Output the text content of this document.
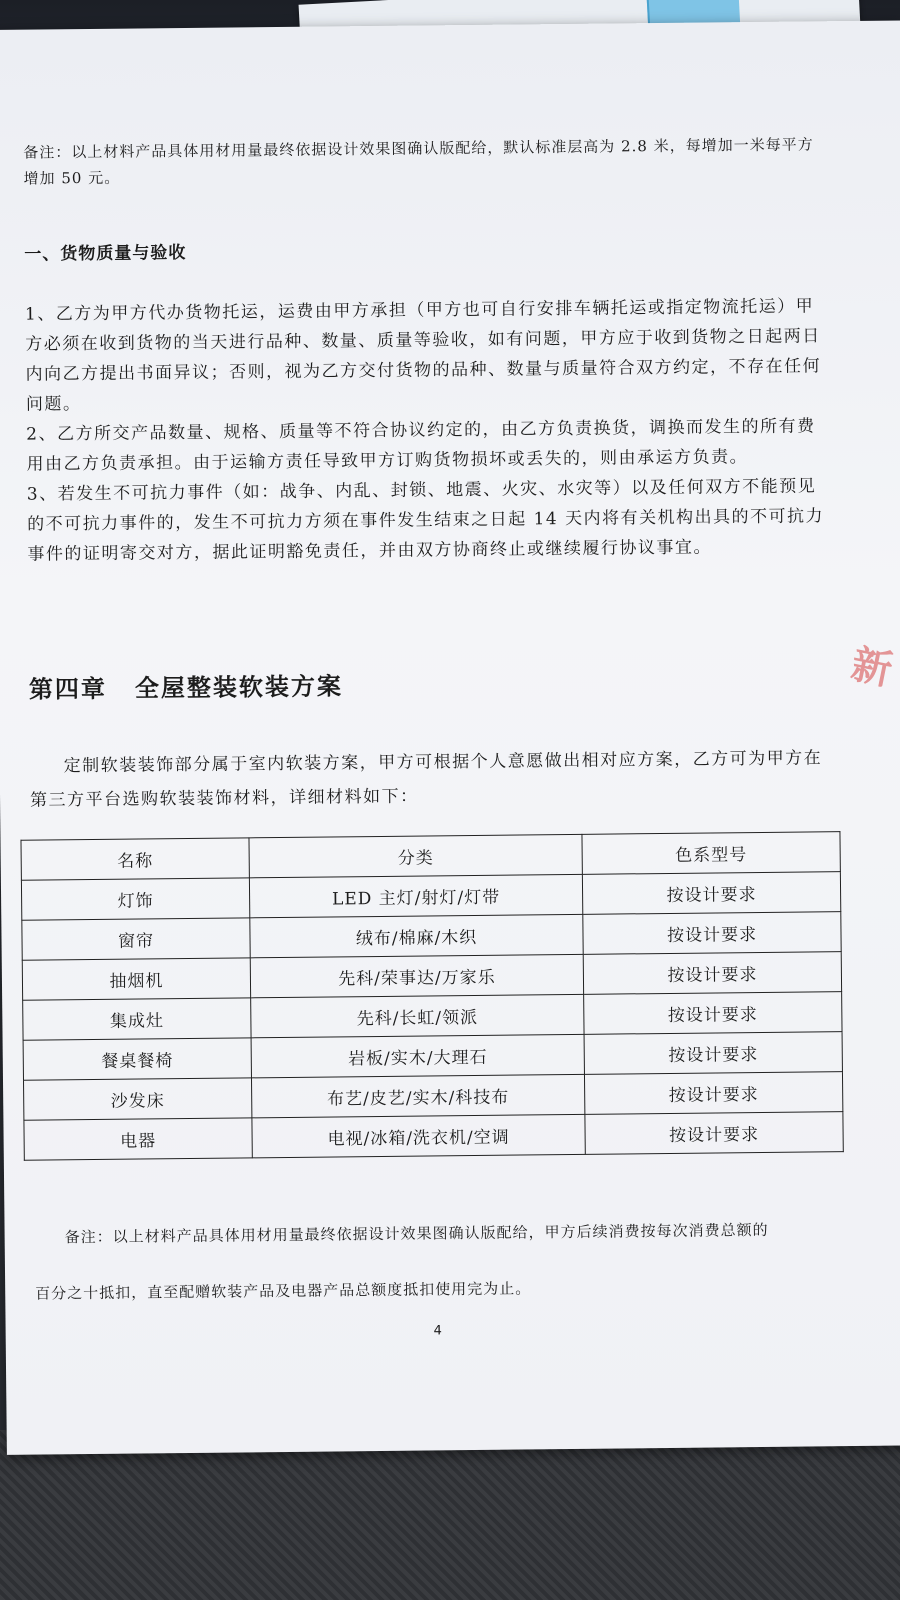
备注：以上材料产品具体用材用量最终依据设计效果图确认版配给，默认标准层高为 2.8 米，每增加一米每平方增加 50 元。
一、货物质量与验收

1、乙方为甲方代办货物托运，运费由甲方承担（甲方也可自行安排车辆托运或指定物流托运）甲方必须在收到货物的当天进行品种、数量、质量等验收，如有问题，甲方应于收到货物之日起两日内向乙方提出书面异议；否则，视为乙方交付货物的品种、数量与质量符合双方约定，不存在任何问题。

2、乙方所交产品数量、规格、质量等不符合协议约定的，由乙方负责换货，调换而发生的所有费用由乙方负责承担。由于运输方责任导致甲方订购货物损坏或丢失的，则由承运方负责。

3、若发生不可抗力事件（如：战争、内乱、封锁、地震、火灾、水灾等）以及任何双方不能预见的不可抗力事件的，发生不可抗力方须在事件发生结束之日起 14 天内将有关机构出具的不可抗力事件的证明寄交对方，据此证明豁免责任，并由双方协商终止或继续履行协议事宜。

第四章 全屋整装软装方案

定制软装装饰部分属于室内软装方案，甲方可根据个人意愿做出相对应方案，乙方可为甲方在第三方平台选购软装装饰材料，详细材料如下：

名称	分类	色系型号
灯饰	LED 主灯/射灯/灯带	按设计要求
窗帘	绒布/棉麻/木织	按设计要求
抽烟机	先科/荣事达/万家乐	按设计要求
集成灶	先科/长虹/领派	按设计要求
餐桌餐椅	岩板/实木/大理石	按设计要求
沙发床	布艺/皮艺/实木/科技布	按设计要求
电器	电视/冰箱/洗衣机/空调	按设计要求

备注：以上材料产品具体用材用量最终依据设计效果图确认版配给，甲方后续消费按每次消费总额的

百分之十抵扣，直至配赠软装产品及电器产品总额度抵扣使用完为止。

4
新
